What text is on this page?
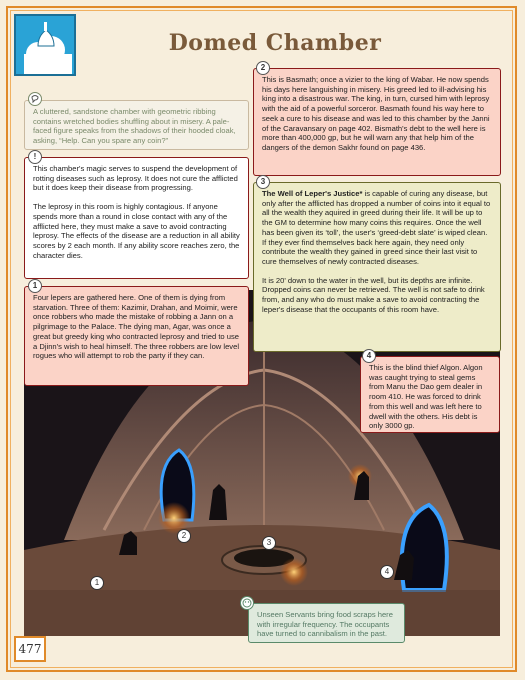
Domed Chamber
1
2
3
4
A cluttered, sandstone chamber with geometric ribbing contains wretched bodies shuffling about in misery. A pale-faced figure speaks from the shadows of their hooded cloak, asking, “Help. Can you spare any coin?”

This chamber's magic serves to suspend the development of rotting diseases such as leprosy. It does not cure the afflicted but it does keep their disease from progressing.

The leprosy in this room is highly contagious. If anyone spends more than a round in close contact with any of the afflicted here, they must make a save to avoid contracting leprosy. The effects of the disease are a reduction in all ability scores by 2 each month. If any ability score reaches zero, the character dies.

!
Four lepers are gathered here. One of them is dying from starvation. Three of them: Kazimir, Drahan, and Moimir, were once robbers who made the mistake of robbing a Jann on a pilgrimage to the Palace. The dying man, Agar, was once a great but greedy king who contracted leprosy and tried to use a Djinn's wish to heal himself. The three robbers are low level rogues who will attempt to rob the party if they can.
1
This is Basmath; once a vizier to the king of Wabar. He now spends his days here languishing in misery. His greed led to ill-advising his king into a disastrous war. The king, in turn, cursed him with leprosy with the aid of a powerful sorceror. Basmath found his way here to seek a cure to his disease and was led to this chamber by the Janni of the Caravansary on page 402. Bismath's debt to the well here is more than 400,000 gp, but he will warn any that help him of the dangers of the demon Sakhr found on page 436.
2

The Well of Leper's Justice* is capable of curing any disease, but only after the afflicted has dropped a number of coins into it equal to all the wealth they aquired in greed during their life. It will be up to the GM to determine how many coins this requires. Once the well has been given its ‘toll’, the user's ‘greed-debt slate’ is wiped clean. If they ever find themselves back here again, they need only contribute the wealth they gained in greed since their last visit to cure themselves of newly contracted diseases.

It is 20' down to the water in the well, but its depths are infinite. Dropped coins can never be retrieved. The well is not safe to drink from, and any who do must make a save to avoid contracting the leper's disease that the occupants of this room have.

3
This is the blind thief Algon. Algon was caught trying to steal gems from Manu the Dao gem dealer in room 410. He was forced to drink from this well and was left here to dwell with the others. His debt is only 3000 gp.
4
Unseen Servants bring food scraps here with irregular frequency. The occupants have turned to cannibalism in the past.
477
